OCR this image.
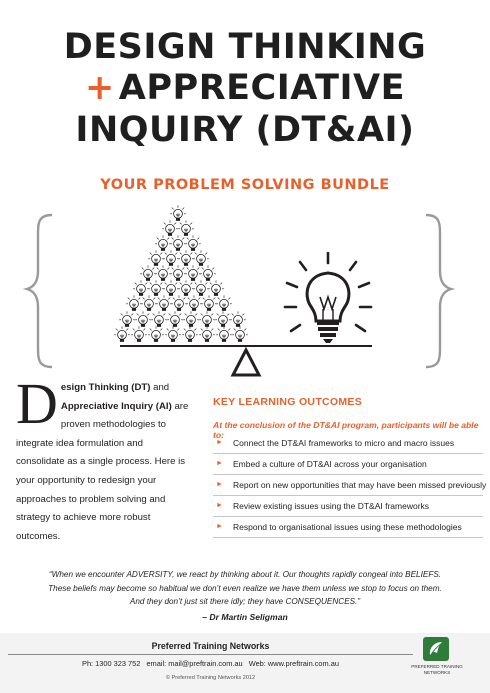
DESIGN THINKING
+ APPRECIATIVE
INQUIRY (DT&AI)
YOUR PROBLEM SOLVING BUNDLE
Design Thinking (DT) and Appreciative Inquiry (AI) are proven methodologies to integrate idea formulation and consolidate as a single process. Here is your opportunity to redesign your approaches to problem solving and strategy to achieve more robust outcomes.
KEY LEARNING OUTCOMES
At the conclusion of the DT&AI program, participants will be able to:
► Connect the DT&AI frameworks to micro and macro issues
► Embed a culture of DT&AI across your organisation
► Report on new opportunities that may have been missed previously
► Review existing issues using the DT&AI frameworks
► Respond to organisational issues using these methodologies
“When we encounter ADVERSITY, we react by thinking about it. Our thoughts rapidly congeal into BELIEFS.
These beliefs may become so habitual we don’t even realize we have them unless we stop to focus on them.
And they don’t just sit there idly; they have CONSEQUENCES.”
– Dr Martin Seligman
Preferred Training Networks
Ph: 1300 323 752 email: mail@preftrain.com.au Web: www.preftrain.com.au
© Preferred Training Networks 2012
PREFERRED TRAINING NETWORKS
